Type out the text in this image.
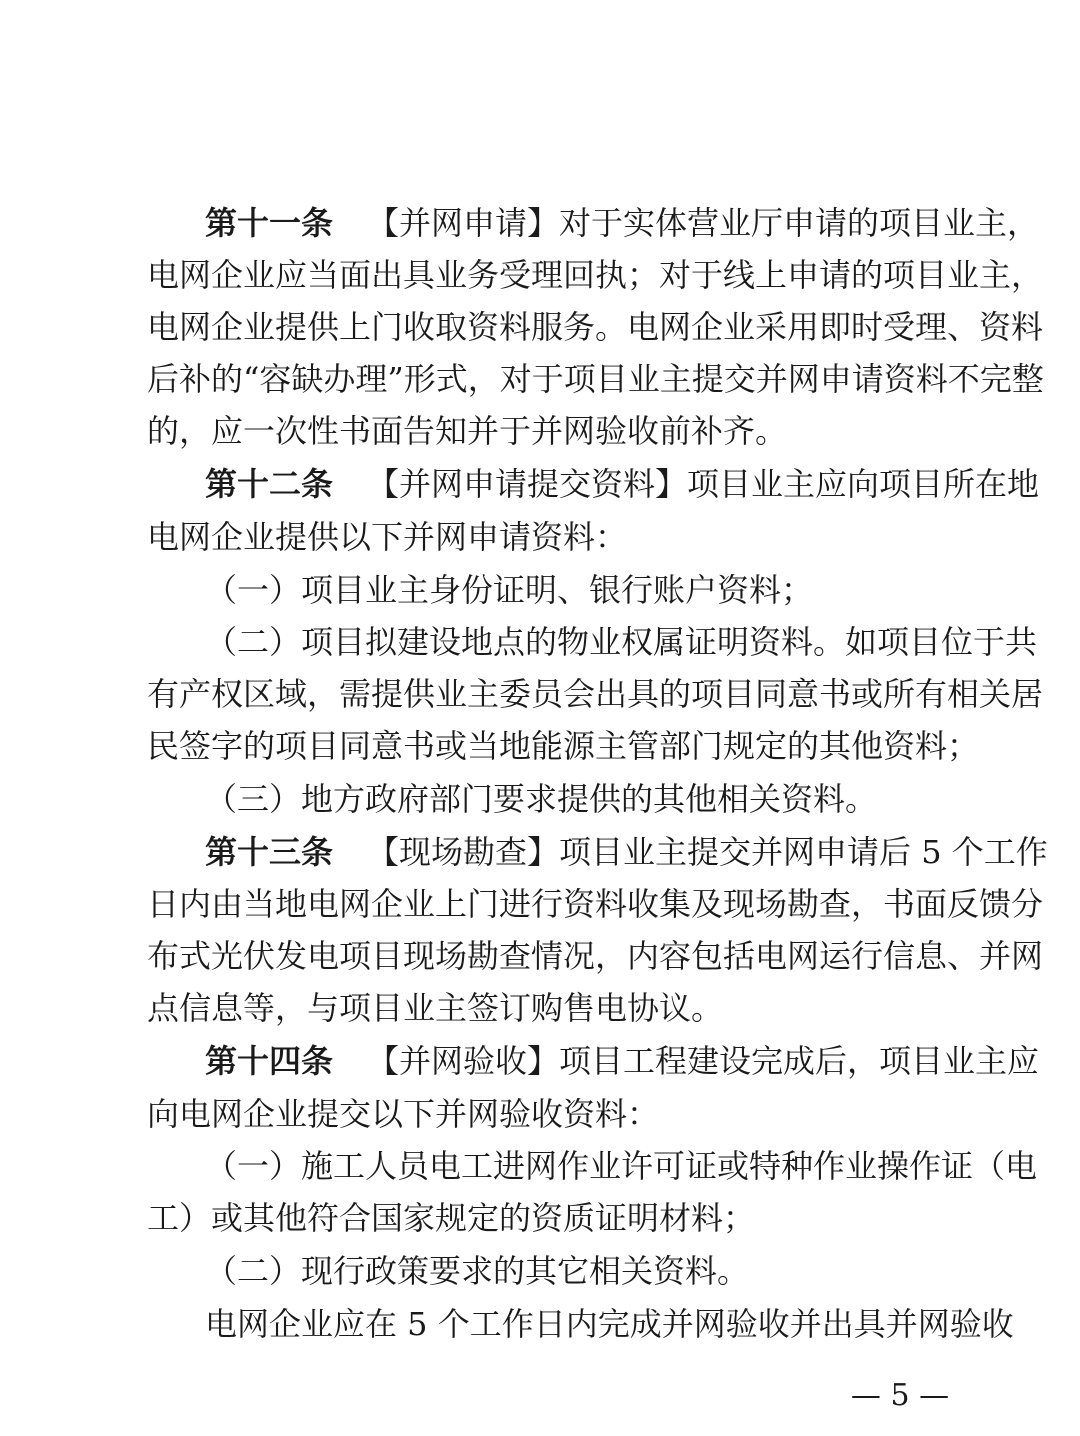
第十一条 【并网申请】对于实体营业厅申请的项目业主，
电网企业应当面出具业务受理回执；对于线上申请的项目业主，
电网企业提供上门收取资料服务。电网企业采用即时受理、资料
后补的“容缺办理”形式，对于项目业主提交并网申请资料不完整
的，应一次性书面告知并于并网验收前补齐。
第十二条 【并网申请提交资料】项目业主应向项目所在地
电网企业提供以下并网申请资料：
（一）项目业主身份证明、银行账户资料；
（二）项目拟建设地点的物业权属证明资料。如项目位于共
有产权区域，需提供业主委员会出具的项目同意书或所有相关居
民签字的项目同意书或当地能源主管部门规定的其他资料；
（三）地方政府部门要求提供的其他相关资料。
第十三条 【现场勘查】项目业主提交并网申请后 5 个工作
日内由当地电网企业上门进行资料收集及现场勘查，书面反馈分
布式光伏发电项目现场勘查情况，内容包括电网运行信息、并网
点信息等，与项目业主签订购售电协议。
第十四条 【并网验收】项目工程建设完成后，项目业主应
向电网企业提交以下并网验收资料：
（一）施工人员电工进网作业许可证或特种作业操作证（电
工）或其他符合国家规定的资质证明材料；
（二）现行政策要求的其它相关资料。
电网企业应在 5 个工作日内完成并网验收并出具并网验收
— 5 —
